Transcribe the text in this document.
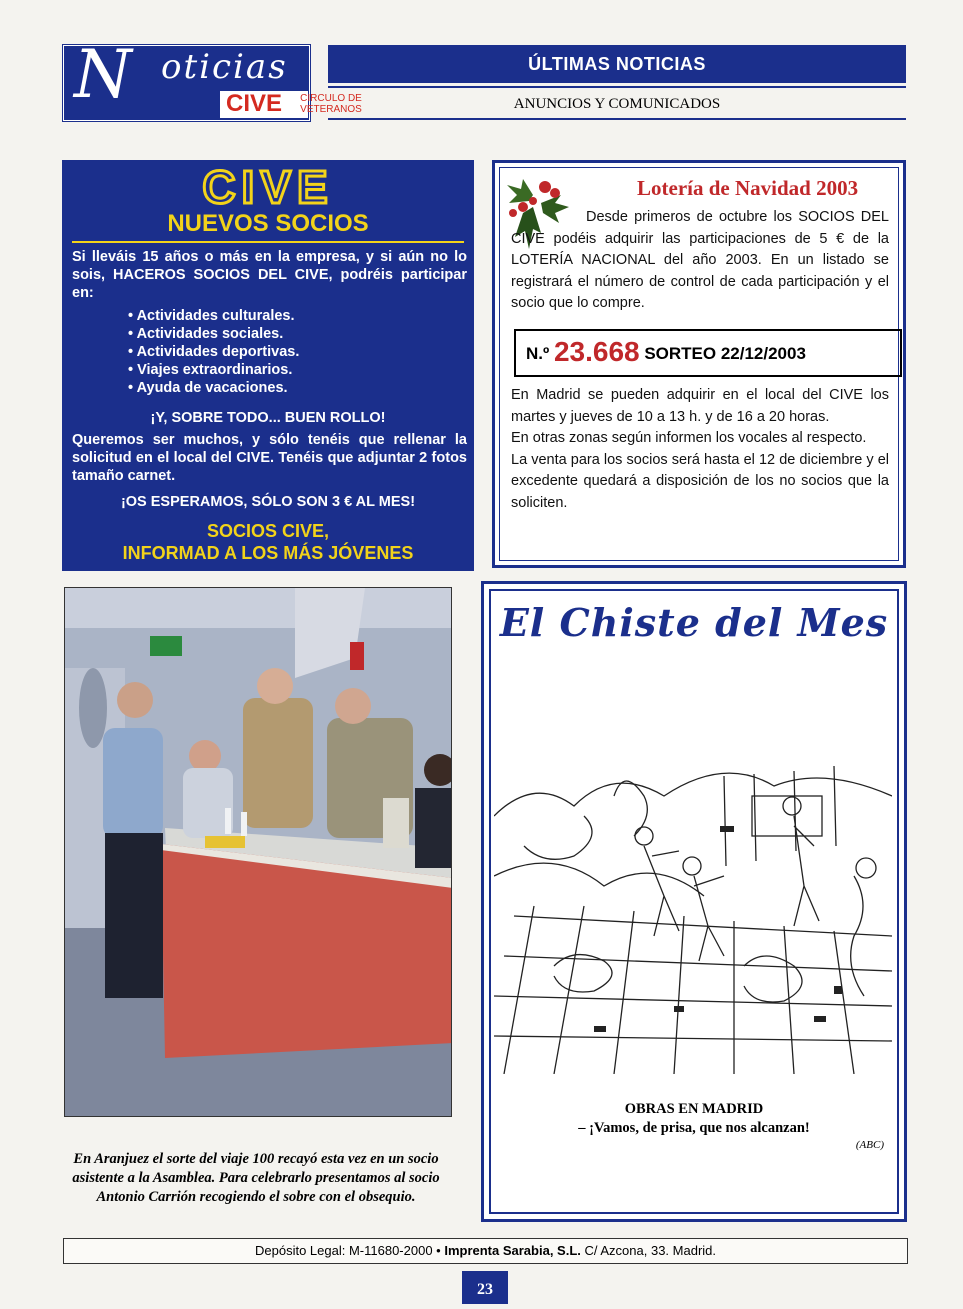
N oticias
CIVE	CIRCULO DE VETERANOS
ÚLTIMAS NOTICIAS
ANUNCIOS Y COMUNICADOS
CIVE
NUEVOS SOCIOS

Si lleváis 15 años o más en la empresa, y si aún no lo sois, HACEROS SOCIOS DEL CIVE, podréis participar en:

• Actividades culturales.
• Actividades sociales.
• Actividades deportivas.
• Viajes extraordinarios.
• Ayuda de vacaciones.

¡Y, SOBRE TODO... BUEN ROLLO!

Queremos ser muchos, y sólo tenéis que rellenar la solicitud en el local del CIVE. Tenéis que adjuntar 2 fotos tamaño carnet.

¡OS ESPERAMOS, SÓLO SON 3 € AL MES!

SOCIOS CIVE,
INFORMAD A LOS MÁS JÓVENES
Lotería de Navidad 2003
Desde primeros de octubre los SOCIOS DEL CIVE podéis adquirir las participaciones de 5 € de la LOTERÍA NACIONAL del año 2003. En un listado se registrará el número de control de cada participación y el socio que lo compre.
N.º 23.668 SORTEO 22/12/2003
En Madrid se pueden adquirir en el local del CIVE los martes y jueves de 10 a 13 h. y de 16 a 20 horas.
En otras zonas según informen los vocales al respecto.
La venta para los socios será hasta el 12 de diciembre y el excedente quedará a disposición de los no socios que la soliciten.
En Aranjuez el sorte del viaje 100 recayó esta vez en un socio asistente a la Asamblea. Para celebrarlo presentamos al socio Antonio Carrión recogiendo el sobre con el obsequio.
El Chiste del Mes
OBRAS EN MADRID
– ¡Vamos, de prisa, que nos alcanzan!
(ABC)
Depósito Legal: M-11680-2000 • Imprenta Sarabia, S.L. C/ Azcona, 33. Madrid.
23
